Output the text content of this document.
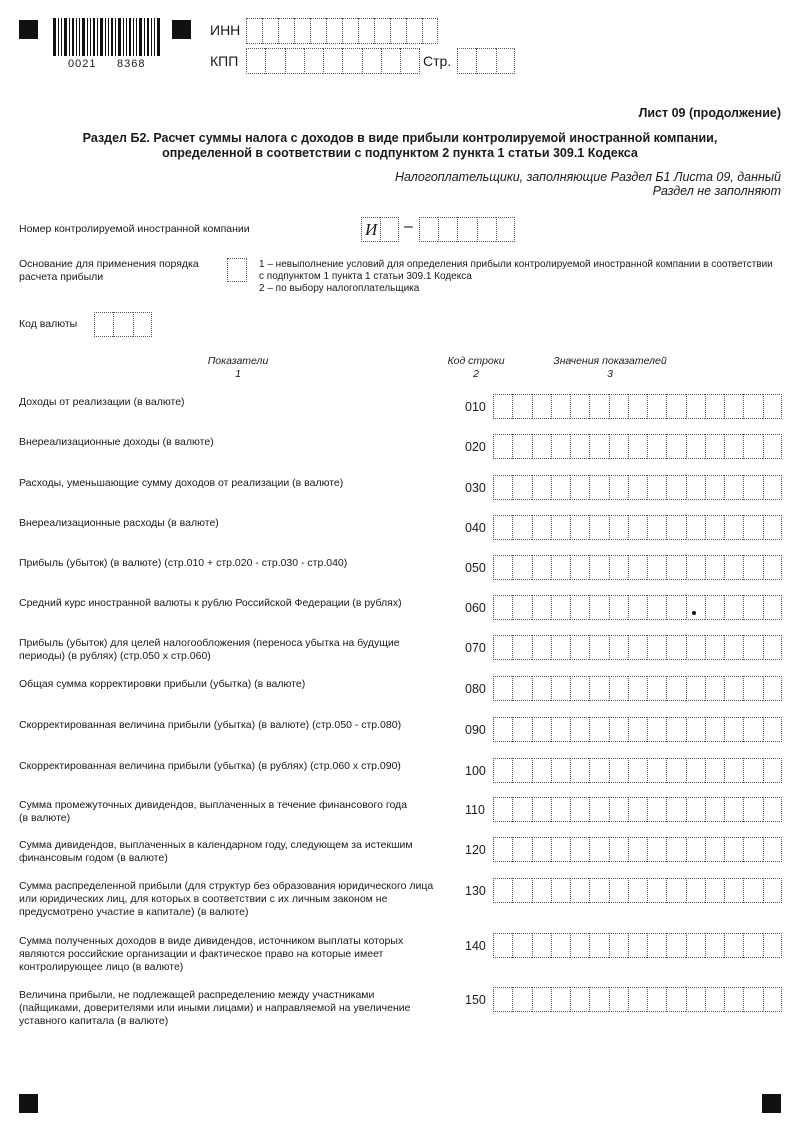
0021 8368
ИНН
КПП	Стр.
Лист 09 (продолжение)
Раздел Б2. Расчет суммы налога с доходов в виде прибыли контролируемой иностранной компании,
определенной в соответствии с подпунктом 2 пункта 1 статьи 309.1 Кодекса
Налогоплательщики, заполняющие Раздел Б1 Листа 09, данный
Раздел не заполняют
Номер контролируемой иностранной компании	И –
Основание для применения порядка
расчета прибыли
1 – невыполнение условий для определения прибыли контролируемой иностранной компании в соответствии
с подпунктом 1 пункта 1 статьи 309.1 Кодекса
2 – по выбору налогоплательщика
Код валюты
Показатели
1
Код строки
2
Значения показателей
3
Доходы от реализации (в валюте)	010
Внереализационные доходы (в валюте)	020
Расходы, уменьшающие сумму доходов от реализации (в валюте)	030
Внереализационные расходы (в валюте)	040
Прибыль (убыток) (в валюте) (стр.010 + стр.020 - стр.030 - стр.040)	050
Средний курс иностранной валюты к рублю Российской Федерации (в рублях)	060
Прибыль (убыток) для целей налогообложения (переноса убытка на будущие
периоды) (в рублях) (стр.050 х стр.060)
070
Общая сумма корректировки прибыли (убытка) (в валюте)	080
Скорректированная величина прибыли (убытка) (в валюте) (стр.050 - стр.080)	090
Скорректированная величина прибыли (убытка) (в рублях) (стр.060 х стр.090)	100
Сумма промежуточных дивидендов, выплаченных в течение финансового года
(в валюте)
110
Сумма дивидендов, выплаченных в календарном году, следующем за истекшим
финансовым годом (в валюте)
120
Сумма распределенной прибыли (для структур без образования юридического лица
или юридических лиц, для которых в соответствии с их личным законом не
предусмотрено участие в капитале) (в валюте)
130
Сумма полученных доходов в виде дивидендов, источником выплаты которых
являются российские организации и фактическое право на которые имеет
контролирующее лицо (в валюте)
140
Величина прибыли, не подлежащей распределению между участниками
(пайщиками, доверителями или иными лицами) и направляемой на увеличение
уставного капитала (в валюте)
150
